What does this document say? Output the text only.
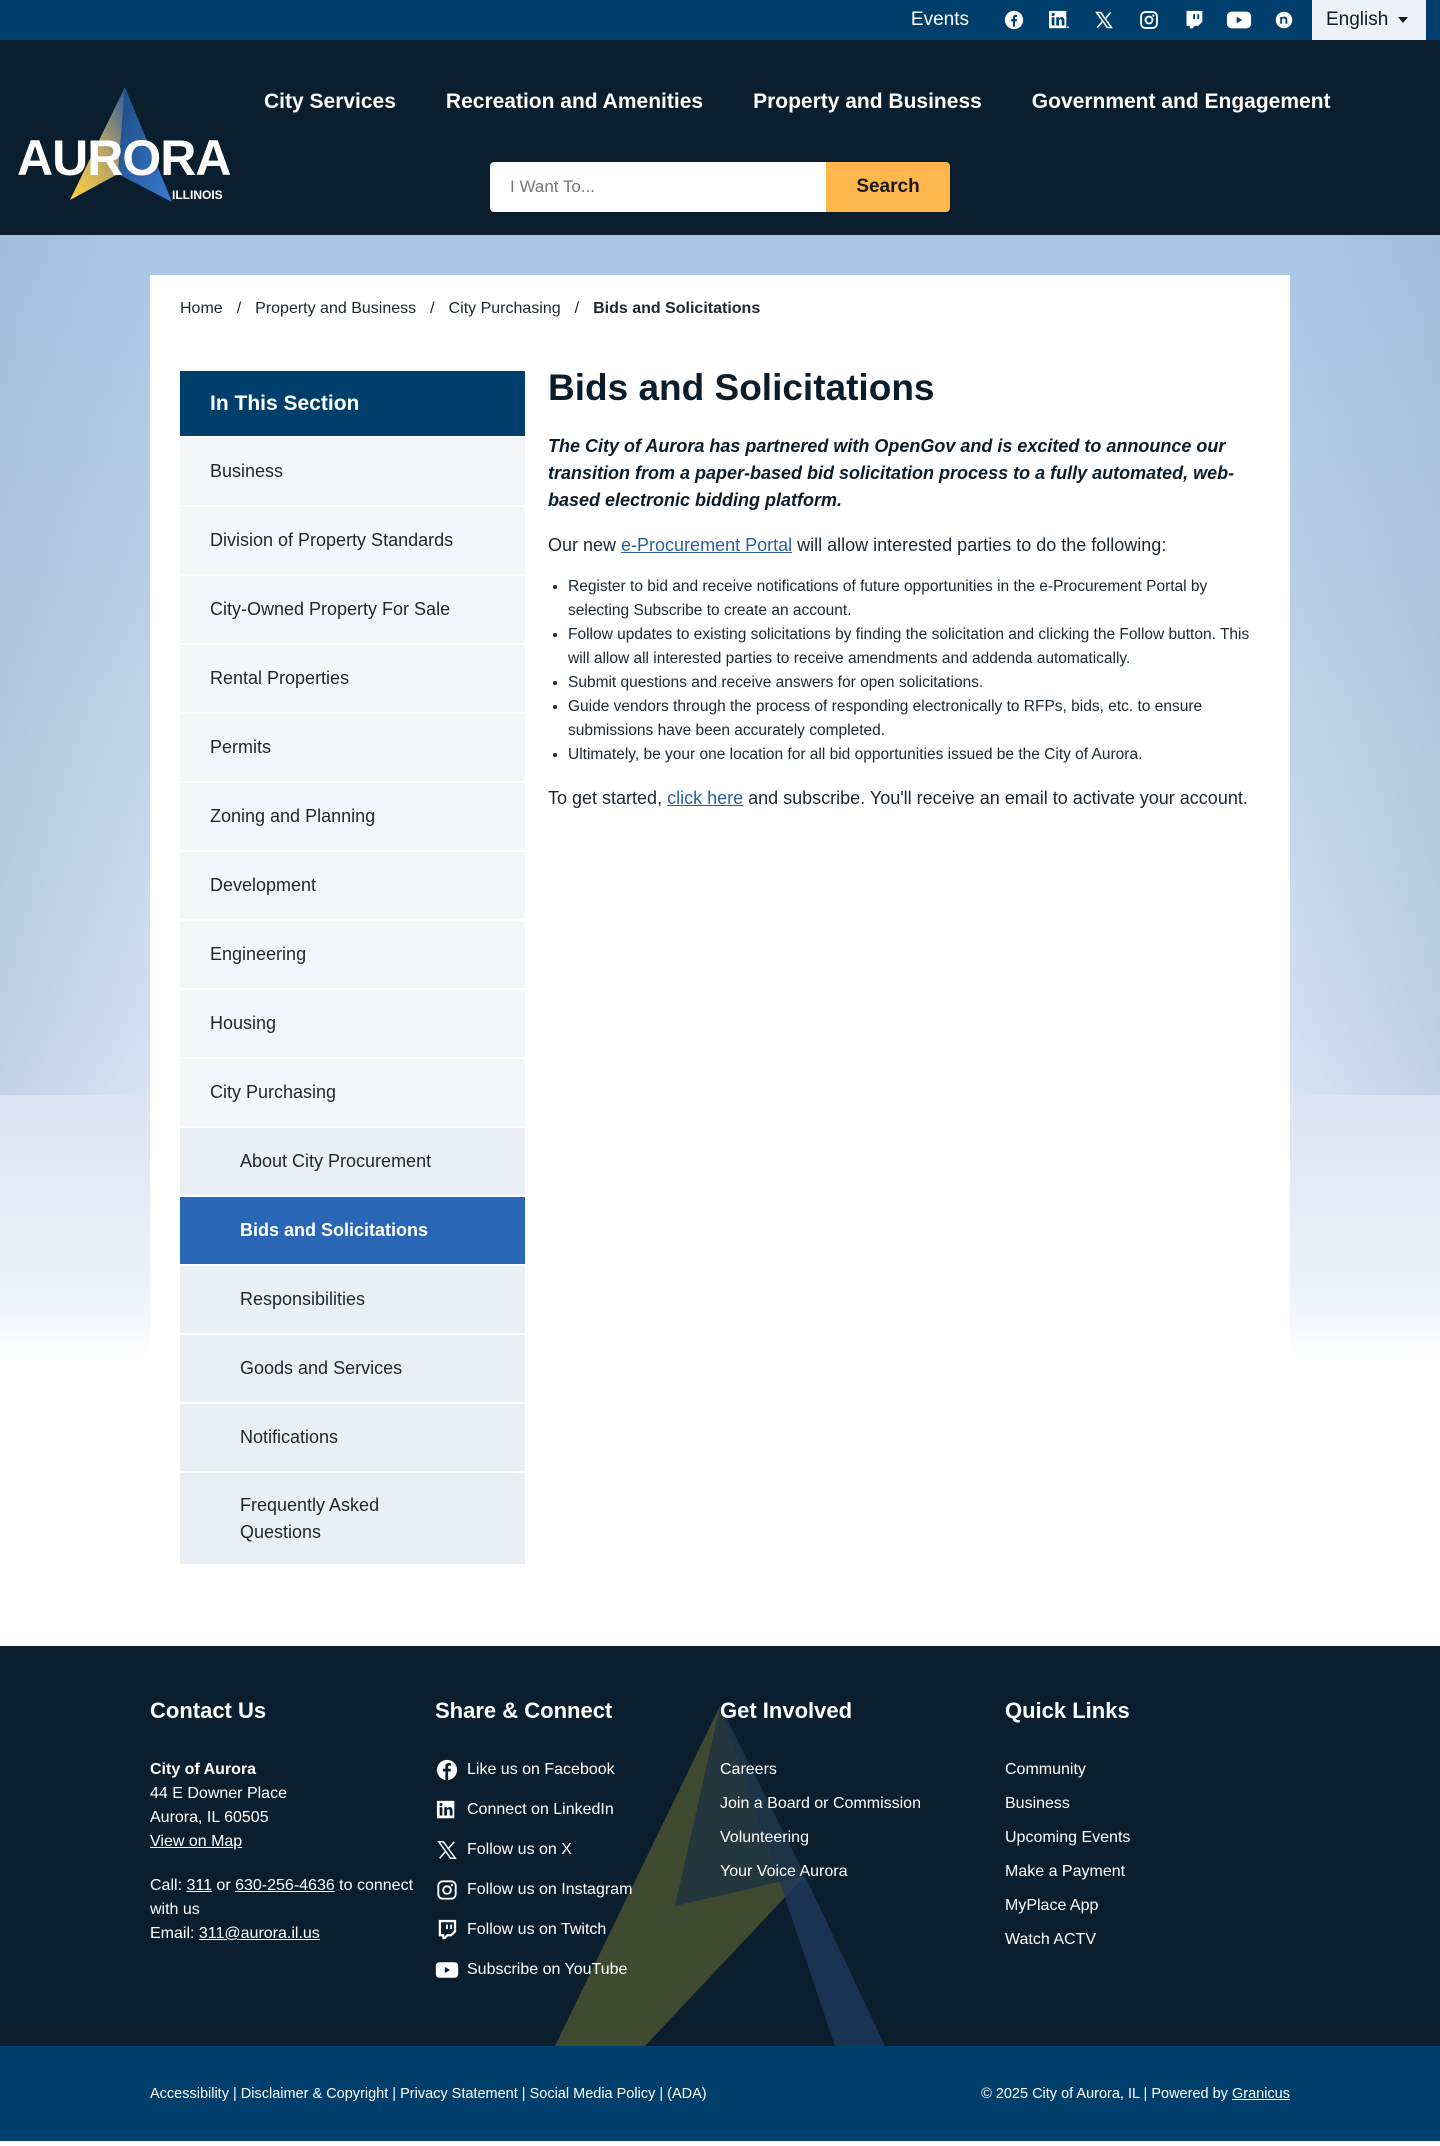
Events	English
AURORA
ILLINOIS
City Services Recreation and Amenities Property and Business Government and Engagement
I Want To...
Search
Home / Property and Business / City Purchasing / Bids and Solicitations
In This Section
Business
Division of Property Standards
City-Owned Property For Sale
Rental Properties
Permits
Zoning and Planning
Development
Engineering
Housing
City Purchasing
About City Procurement
Bids and Solicitations
Responsibilities
Goods and Services
Notifications
Frequently Asked Questions
Bids and Solicitations

The City of Aurora has partnered with OpenGov and is excited to announce our transition from a paper-based bid solicitation process to a fully automated, web-based electronic bidding platform.

Our new e-Procurement Portal will allow interested parties to do the following:

• Register to bid and receive notifications of future opportunities in the e-Procurement Portal by selecting Subscribe to create an account.
• Follow updates to existing solicitations by finding the solicitation and clicking the Follow button. This will allow all interested parties to receive amendments and addenda automatically.
• Submit questions and receive answers for open solicitations.
• Guide vendors through the process of responding electronically to RFPs, bids, etc. to ensure submissions have been accurately completed.
• Ultimately, be your one location for all bid opportunities issued be the City of Aurora.

To get started, click here and subscribe. You'll receive an email to activate your account.

Contact Us
City of Aurora
44 E Downer Place
Aurora, IL 60505
View on Map
Call: 311 or 630-256-4636 to connect with us
Email: 311@aurora.il.us
Share & Connect
Like us on Facebook
Connect on LinkedIn
Follow us on X
Follow us on Instagram
Follow us on Twitch
Subscribe on YouTube
Get Involved
Careers
Join a Board or Commission
Volunteering
Your Voice Aurora
Quick Links
Community
Business
Upcoming Events
Make a Payment
MyPlace App
Watch ACTV
Accessibility | Disclaimer & Copyright | Privacy Statement | Social Media Policy | (ADA)	© 2025 City of Aurora, IL | Powered by Granicus
